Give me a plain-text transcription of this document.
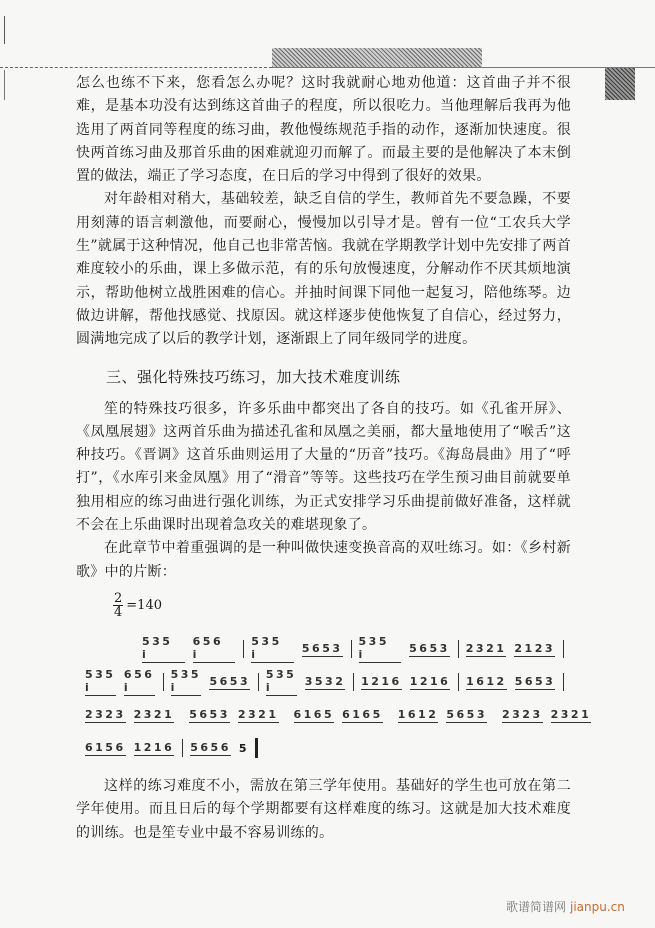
怎么也练不下来，您看怎么办呢？这时我就耐心地劝他道：这首曲子并不很难，是基本功没有达到练这首曲子的程度，所以很吃力。当他理解后我再为他选用了两首同等程度的练习曲，教他慢练规范手指的动作，逐渐加快速度。很快两首练习曲及那首乐曲的困难就迎刃而解了。而最主要的是他解决了本末倒置的做法，端正了学习态度，在日后的学习中得到了很好的效果。

对年龄相对稍大，基础较差，缺乏自信的学生，教师首先不要急躁，不要用刻薄的语言刺激他，而要耐心，慢慢加以引导才是。曾有一位“工农兵大学生”就属于这种情况，他自己也非常苦恼。我就在学期教学计划中先安排了两首难度较小的乐曲，课上多做示范，有的乐句放慢速度，分解动作不厌其烦地演示，帮助他树立战胜困难的信心。并抽时间课下同他一起复习，陪他练琴。边做边讲解，帮他找感觉、找原因。就这样逐步使他恢复了自信心，经过努力，圆满地完成了以后的教学计划，逐渐跟上了同年级同学的进度。

三、强化特殊技巧练习，加大技术难度训练

笙的特殊技巧很多，许多乐曲中都突出了各自的技巧。如《孔雀开屏》、《凤凰展翅》这两首乐曲为描述孔雀和凤凰之美丽，都大量地使用了“喉舌”这种技巧。《晋调》这首乐曲则运用了大量的“历音”技巧。《海岛晨曲》用了“呼打”，《水库引来金凤凰》用了“滑音”等等。这些技巧在学生预习曲目前就要单独用相应的练习曲进行强化训练，为正式安排学习乐曲提前做好准备，这样就不会在上乐曲课时出现着急攻关的难堪现象了。

在此章节中着重强调的是一种叫做快速变换音高的双吐练习。如：《乡村新歌》中的片断：

$\frac{2}{4} =140$
535 i
656 i
535 i	5653 535 i	5653 2321 2123
535 i
656 i
535 i	5653 535 i	3532 1216 1216 1612 5653
2323 2321 5653 2321 6165 6165 1612 5653 2323 2321
6156 1216 5656 5

这样的练习难度不小，需放在第三学年使用。基础好的学生也可放在第二学年使用。而且日后的每个学期都要有这样难度的练习。这就是加大技术难度的训练。也是笙专业中最不容易训练的。

歌谱简谱网 jianpu.cn
